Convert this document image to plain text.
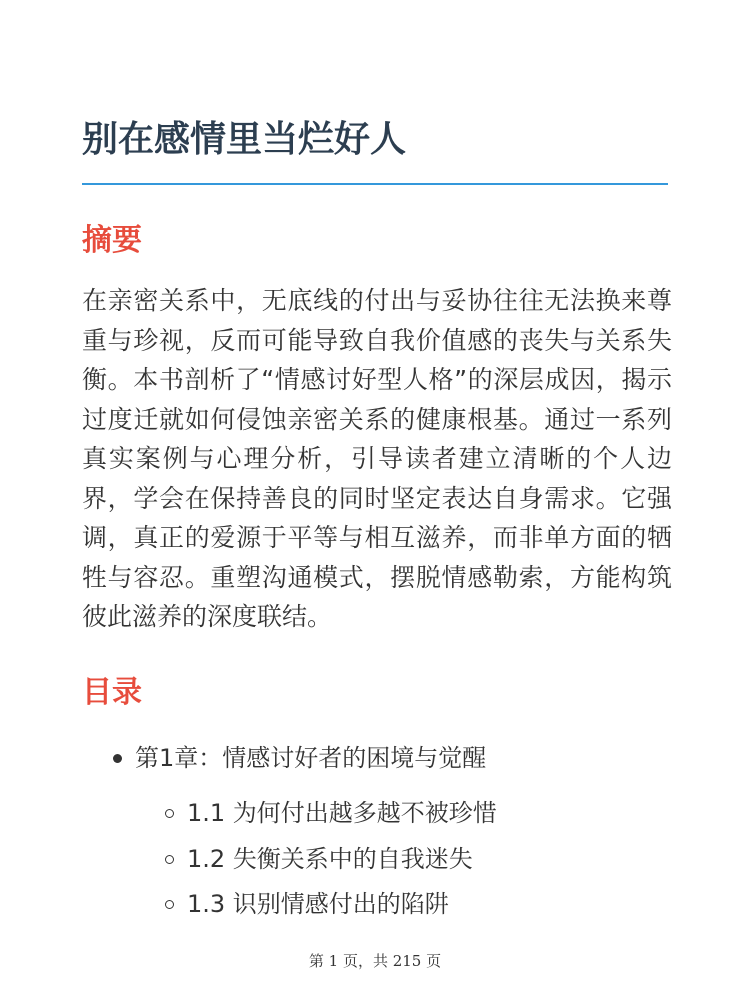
别在感情里当烂好人
摘要

在亲密关系中，无底线的付出与妥协往往无法换来尊重与珍视，反而可能导致自我价值感的丧失与关系失衡。本书剖析了“情感讨好型人格”的深层成因，揭示过度迁就如何侵蚀亲密关系的健康根基。通过一系列真实案例与心理分析，引导读者建立清晰的个人边界，学会在保持善良的同时坚定表达自身需求。它强调，真正的爱源于平等与相互滋养，而非单方面的牺牲与容忍。重塑沟通模式，摆脱情感勒索，方能构筑彼此滋养的深度联结。

目录
第1章：情感讨好者的困境与觉醒
1.1 为何付出越多越不被珍惜
1.2 失衡关系中的自我迷失
1.3 识别情感付出的陷阱
第 1 页，共 215 页
